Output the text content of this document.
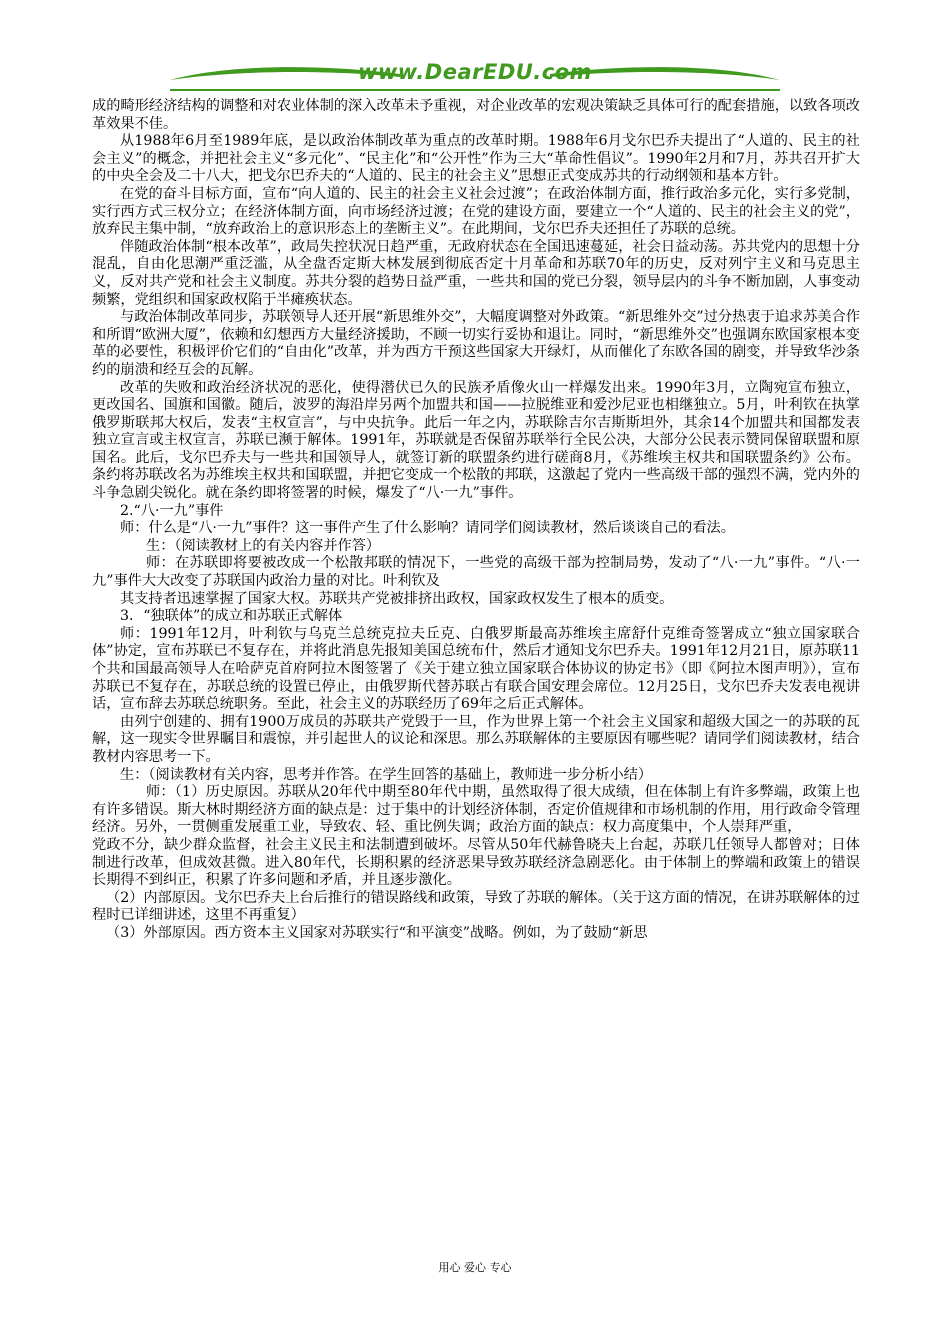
www.DearEDU.com

成的畸形经济结构的调整和对农业体制的深入改革未予重视，对企业改革的宏观决策缺乏具体可行的配套措施，以致各项改革效果不佳。

从1988年6月至1989年底，是以政治体制改革为重点的改革时期。1988年6月戈尔巴乔夫提出了“人道的、民主的社会主义”的概念，并把社会主义“多元化”、“民主化”和“公开性”作为三大“革命性倡议”。1990年2月和7月，苏共召开扩大的中央全会及二十八大，把戈尔巴乔夫的“人道的、民主的社会主义”思想正式变成苏共的行动纲领和基本方针。

在党的奋斗目标方面，宣布“向人道的、民主的社会主义社会过渡”；在政治体制方面，推行政治多元化，实行多党制，实行西方式三权分立；在经济体制方面，向市场经济过渡；在党的建设方面，要建立一个“人道的、民主的社会主义的党”，放弃民主集中制，“放弃政治上的意识形态上的垄断主义”。在此期间，戈尔巴乔夫还担任了苏联的总统。

伴随政治体制“根本改革”，政局失控状况日趋严重，无政府状态在全国迅速蔓延，社会日益动荡。苏共党内的思想十分混乱，自由化思潮严重泛滥，从全盘否定斯大林发展到彻底否定十月革命和苏联70年的历史，反对列宁主义和马克思主义，反对共产党和社会主义制度。苏共分裂的趋势日益严重，一些共和国的党已分裂，领导层内的斗争不断加剧，人事变动频繁，党组织和国家政权陷于半瘫痪状态。

与政治体制改革同步，苏联领导人还开展“新思维外交”，大幅度调整对外政策。“新思维外交”过分热衷于追求苏美合作和所谓“欧洲大厦”，依赖和幻想西方大量经济援助，不顾一切实行妥协和退让。同时，“新思维外交”也强调东欧国家根本变革的必要性，积极评价它们的“自由化”改革，并为西方干预这些国家大开绿灯，从而催化了东欧各国的剧变，并导致华沙条约的崩溃和经互会的瓦解。

改革的失败和政治经济状况的恶化，使得潜伏已久的民族矛盾像火山一样爆发出来。1990年3月，立陶宛宣布独立，更改国名、国旗和国徽。随后，波罗的海沿岸另两个加盟共和国——拉脱维亚和爱沙尼亚也相继独立。5月，叶利钦在执掌俄罗斯联邦大权后，发表“主权宣言”，与中央抗争。此后一年之内，苏联除吉尔吉斯斯坦外，其余14个加盟共和国都发表独立宣言或主权宣言，苏联已濒于解体。1991年，苏联就是否保留苏联举行全民公决，大部分公民表示赞同保留联盟和原国名。此后，戈尔巴乔夫与一些共和国领导人，就签订新的联盟条约进行磋商8月，《苏维埃主权共和国联盟条约》公布。条约将苏联改名为苏维埃主权共和国联盟，并把它变成一个松散的邦联，这激起了党内一些高级干部的强烈不满，党内外的斗争急剧尖锐化。就在条约即将签署的时候，爆发了“八·一九”事件。

2.“八·一九”事件

师：什么是“八·一九”事件？这一事件产生了什么影响？请同学们阅读教材，然后谈谈自己的看法。

生：（阅读教材上的有关内容并作答）

师：在苏联即将要被改成一个松散邦联的情况下，一些党的高级干部为控制局势，发动了“八·一九”事件。“八·一九”事件大大改变了苏联国内政治力量的对比。叶利钦及

其支持者迅速掌握了国家大权。苏联共产党被排挤出政权，国家政权发生了根本的质变。

3．“独联体”的成立和苏联正式解体

师：1991年12月，叶利钦与乌克兰总统克拉夫丘克、白俄罗斯最高苏维埃主席舒什克维奇签署成立“独立国家联合体”协定，宣布苏联已不复存在，并将此消息先报知美国总统布什，然后才通知戈尔巴乔夫。1991年12月21日，原苏联11个共和国最高领导人在哈萨克首府阿拉木图签署了《关于建立独立国家联合体协议的协定书》（即《阿拉木图声明》），宣布苏联已不复存在，苏联总统的设置已停止，由俄罗斯代替苏联占有联合国安理会席位。12月25日，戈尔巴乔夫发表电视讲话，宣布辞去苏联总统职务。至此，社会主义的苏联经历了69年之后正式解体。

由列宁创建的、拥有1900万成员的苏联共产党毁于一旦，作为世界上第一个社会主义国家和超级大国之一的苏联的瓦解，这一现实令世界瞩目和震惊，并引起世人的议论和深思。那么苏联解体的主要原因有哪些呢？请同学们阅读教材，结合教材内容思考一下。

生：（阅读教材有关内容，思考并作答。在学生回答的基础上，教师进一步分析小结）

师：（1）历史原因。苏联从20年代中期至80年代中期，虽然取得了很大成绩，但在体制上有许多弊端，政策上也有许多错误。斯大林时期经济方面的缺点是：过于集中的计划经济体制，否定价值规律和市场机制的作用，用行政命令管理经济。另外，一贯侧重发展重工业，导致农、轻、重比例失调；政治方面的缺点：权力高度集中，个人崇拜严重，

党政不分，缺少群众监督，社会主义民主和法制遭到破坏。尽管从50年代赫鲁晓夫上台起，苏联几任领导人都曾对；日体制进行改革，但成效甚微。进入80年代，长期积累的经济恶果导致苏联经济急剧恶化。由于体制上的弊端和政策上的错误长期得不到纠正，积累了许多问题和矛盾，并且逐步激化。

（2）内部原因。戈尔巴乔夫上台后推行的错误路线和政策，导致了苏联的解体。（关于这方面的情况，在讲苏联解体的过程时已详细讲述，这里不再重复）

（3）外部原因。西方资本主义国家对苏联实行“和平演变”战略。例如，为了鼓励“新思

用心 爱心 专心
